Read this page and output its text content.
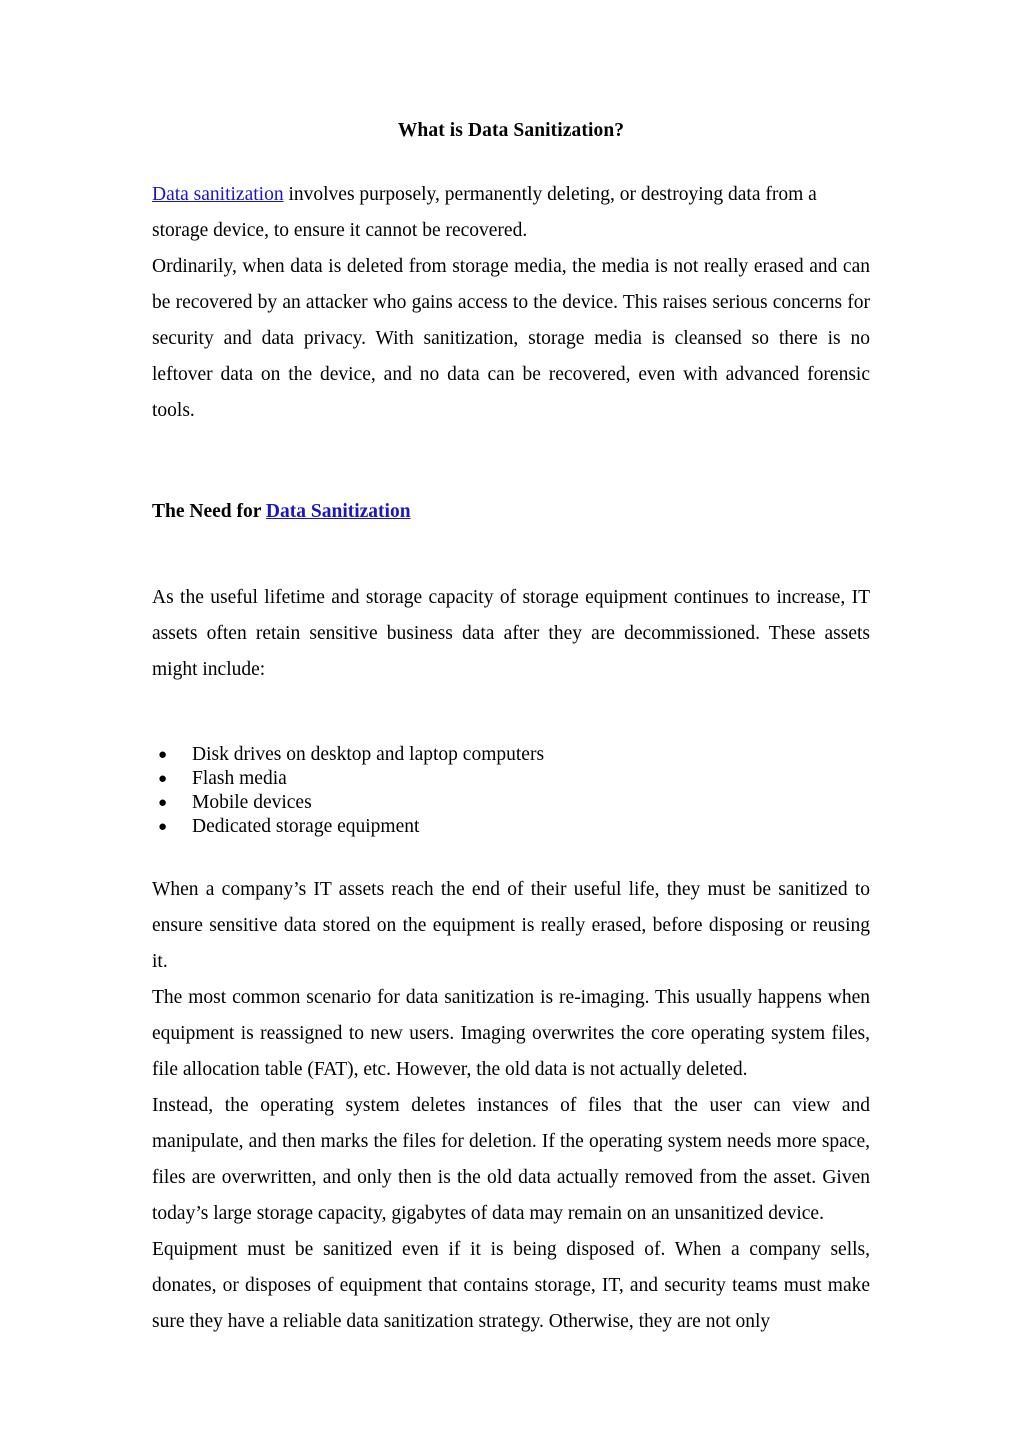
What is Data Sanitization?

Data sanitization involves purposely, permanently deleting, or destroying data from a storage device, to ensure it cannot be recovered.

Ordinarily, when data is deleted from storage media, the media is not really erased and can be recovered by an attacker who gains access to the device. This raises serious concerns for security and data privacy. With sanitization, storage media is cleansed so there is no leftover data on the device, and no data can be recovered, even with advanced forensic tools.

The Need for Data Sanitization

As the useful lifetime and storage capacity of storage equipment continues to increase, IT assets often retain sensitive business data after they are decommissioned. These assets might include:

● Disk drives on desktop and laptop computers
● Flash media
● Mobile devices
● Dedicated storage equipment

When a company’s IT assets reach the end of their useful life, they must be sanitized to ensure sensitive data stored on the equipment is really erased, before disposing or reusing it.

The most common scenario for data sanitization is re-imaging. This usually happens when equipment is reassigned to new users. Imaging overwrites the core operating system files, file allocation table (FAT), etc. However, the old data is not actually deleted.

Instead, the operating system deletes instances of files that the user can view and manipulate, and then marks the files for deletion. If the operating system needs more space, files are overwritten, and only then is the old data actually removed from the asset. Given today’s large storage capacity, gigabytes of data may remain on an unsanitized device.

Equipment must be sanitized even if it is being disposed of. When a company sells, donates, or disposes of equipment that contains storage, IT, and security teams must make sure they have a reliable data sanitization strategy. Otherwise, they are not only
